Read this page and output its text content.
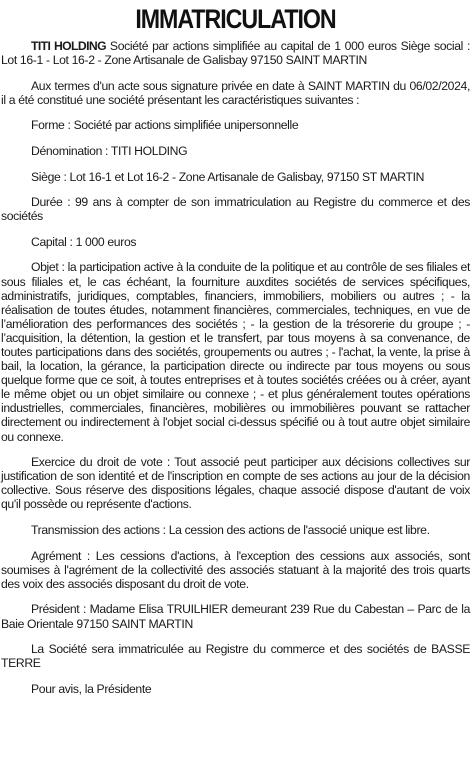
IMMATRICULATION

TITI HOLDING Société par actions simplifiée au capital de 1 000 euros Siège social : Lot 16-1 - Lot 16-2 - Zone Artisanale de Galisbay 97150 SAINT MARTIN

Aux termes d'un acte sous signature privée en date à SAINT MARTIN du 06/02/2024, il a été constitué une société présentant les caractéristiques suivantes :

Forme : Société par actions simplifiée unipersonnelle

Dénomination : TITI HOLDING

Siège : Lot 16-1 et Lot 16-2 - Zone Artisanale de Galisbay, 97150 ST MARTIN

Durée : 99 ans à compter de son immatriculation au Registre du commerce et des sociétés

Capital : 1 000 euros

Objet : la participation active à la conduite de la politique et au contrôle de ses filiales et sous filiales et, le cas échéant, la fourniture auxdites sociétés de services spécifiques, administratifs, juridiques, comptables, financiers, immobiliers, mobiliers ou autres ; - la réalisation de toutes études, notamment financières, commerciales, techniques, en vue de l’amélioration des performances des sociétés ; - la gestion de la trésorerie du groupe ; - l’acquisition, la détention, la gestion et le transfert, par tous moyens à sa convenance, de toutes participations dans des sociétés, groupements ou autres ; - l'achat, la vente, la prise à bail, la location, la gérance, la participation directe ou indirecte par tous moyens ou sous quelque forme que ce soit, à toutes entreprises et à toutes sociétés créées ou à créer, ayant le même objet ou un objet similaire ou connexe ; - et plus généralement toutes opérations industrielles, commerciales, financières, mobilières ou immobilières pouvant se rattacher directement ou indirectement à l'objet social ci-dessus spécifié ou à tout autre objet similaire ou connexe.

Exercice du droit de vote : Tout associé peut participer aux décisions collectives sur justification de son identité et de l'inscription en compte de ses actions au jour de la décision collective. Sous réserve des dispositions légales, chaque associé dispose d'autant de voix qu'il possède ou représente d'actions.

Transmission des actions : La cession des actions de l'associé unique est libre.

Agrément : Les cessions d'actions, à l'exception des cessions aux associés, sont soumises à l'agrément de la collectivité des associés statuant à la majorité des trois quarts des voix des associés disposant du droit de vote.

Président : Madame Elisa TRUILHIER demeurant 239 Rue du Cabestan – Parc de la Baie Orientale 97150 SAINT MARTIN

La Société sera immatriculée au Registre du commerce et des sociétés de BASSE TERRE

Pour avis, la Présidente
